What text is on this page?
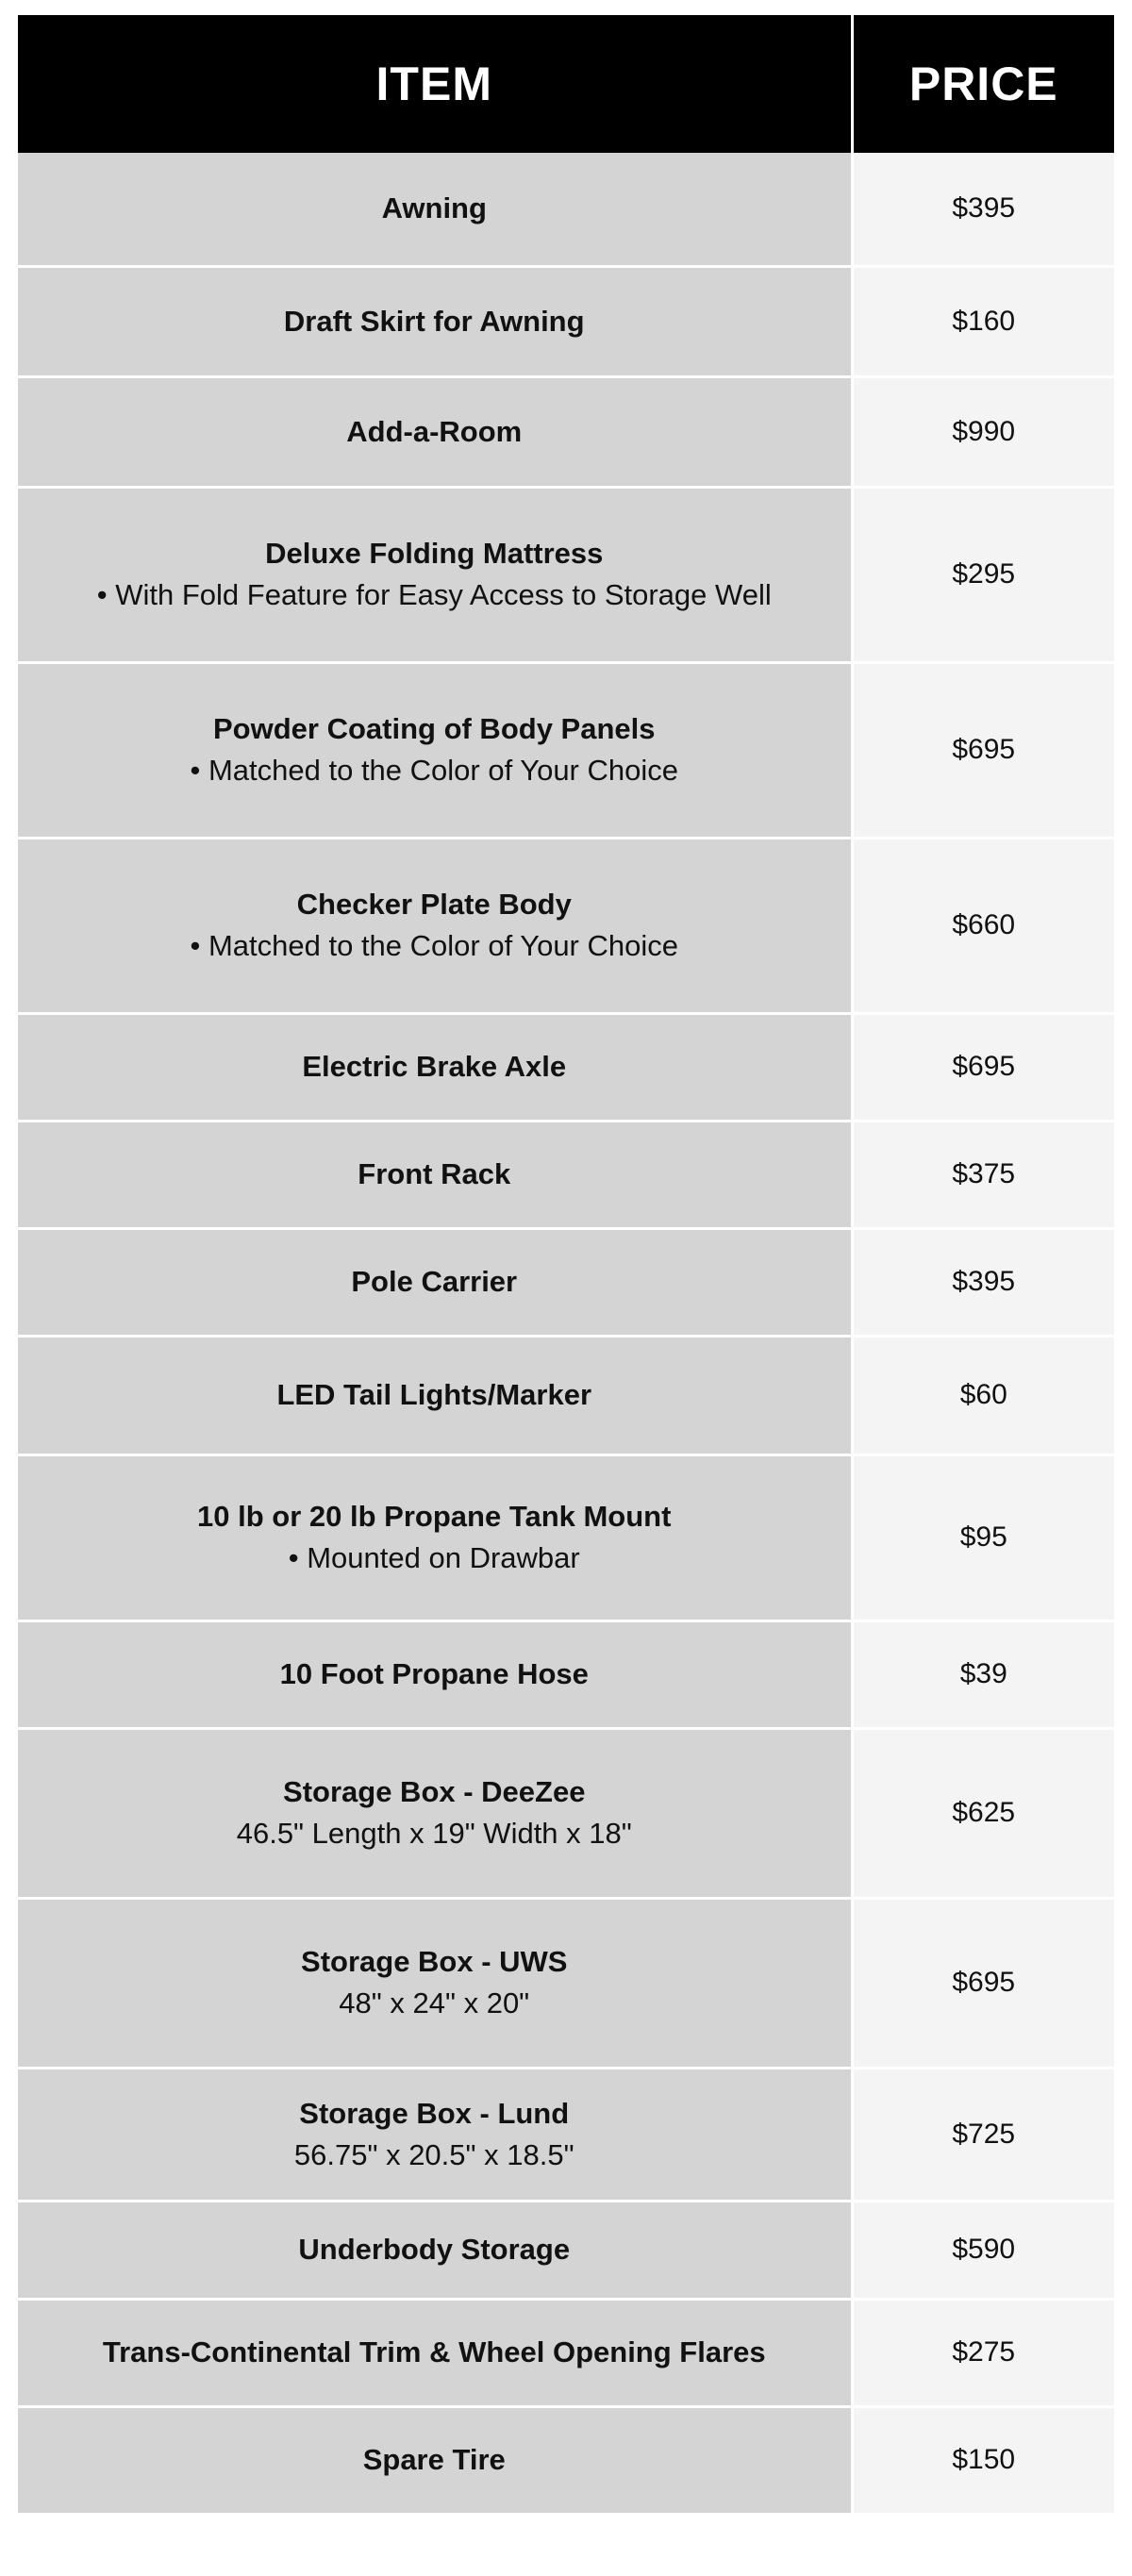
ITEM	PRICE

Awning	$395

Draft Skirt for Awning	$160

Add-a-Room	$990

Deluxe Folding Mattress
• With Fold Feature for Easy Access to Storage Well	$295

Powder Coating of Body Panels
• Matched to the Color of Your Choice	$695

Checker Plate Body
• Matched to the Color of Your Choice	$660

Electric Brake Axle	$695

Front Rack	$375

Pole Carrier	$395

LED Tail Lights/Marker	$60

10 lb or 20 lb Propane Tank Mount
• Mounted on Drawbar	$95

10 Foot Propane Hose	$39

Storage Box - DeeZee
46.5" Length x 19" Width x 18"	$625

Storage Box - UWS
48" x 24" x 20"	$695

Storage Box - Lund
56.75" x 20.5" x 18.5"	$725

Underbody Storage	$590

Trans-Continental Trim & Wheel Opening Flares	$275

Spare Tire	$150
